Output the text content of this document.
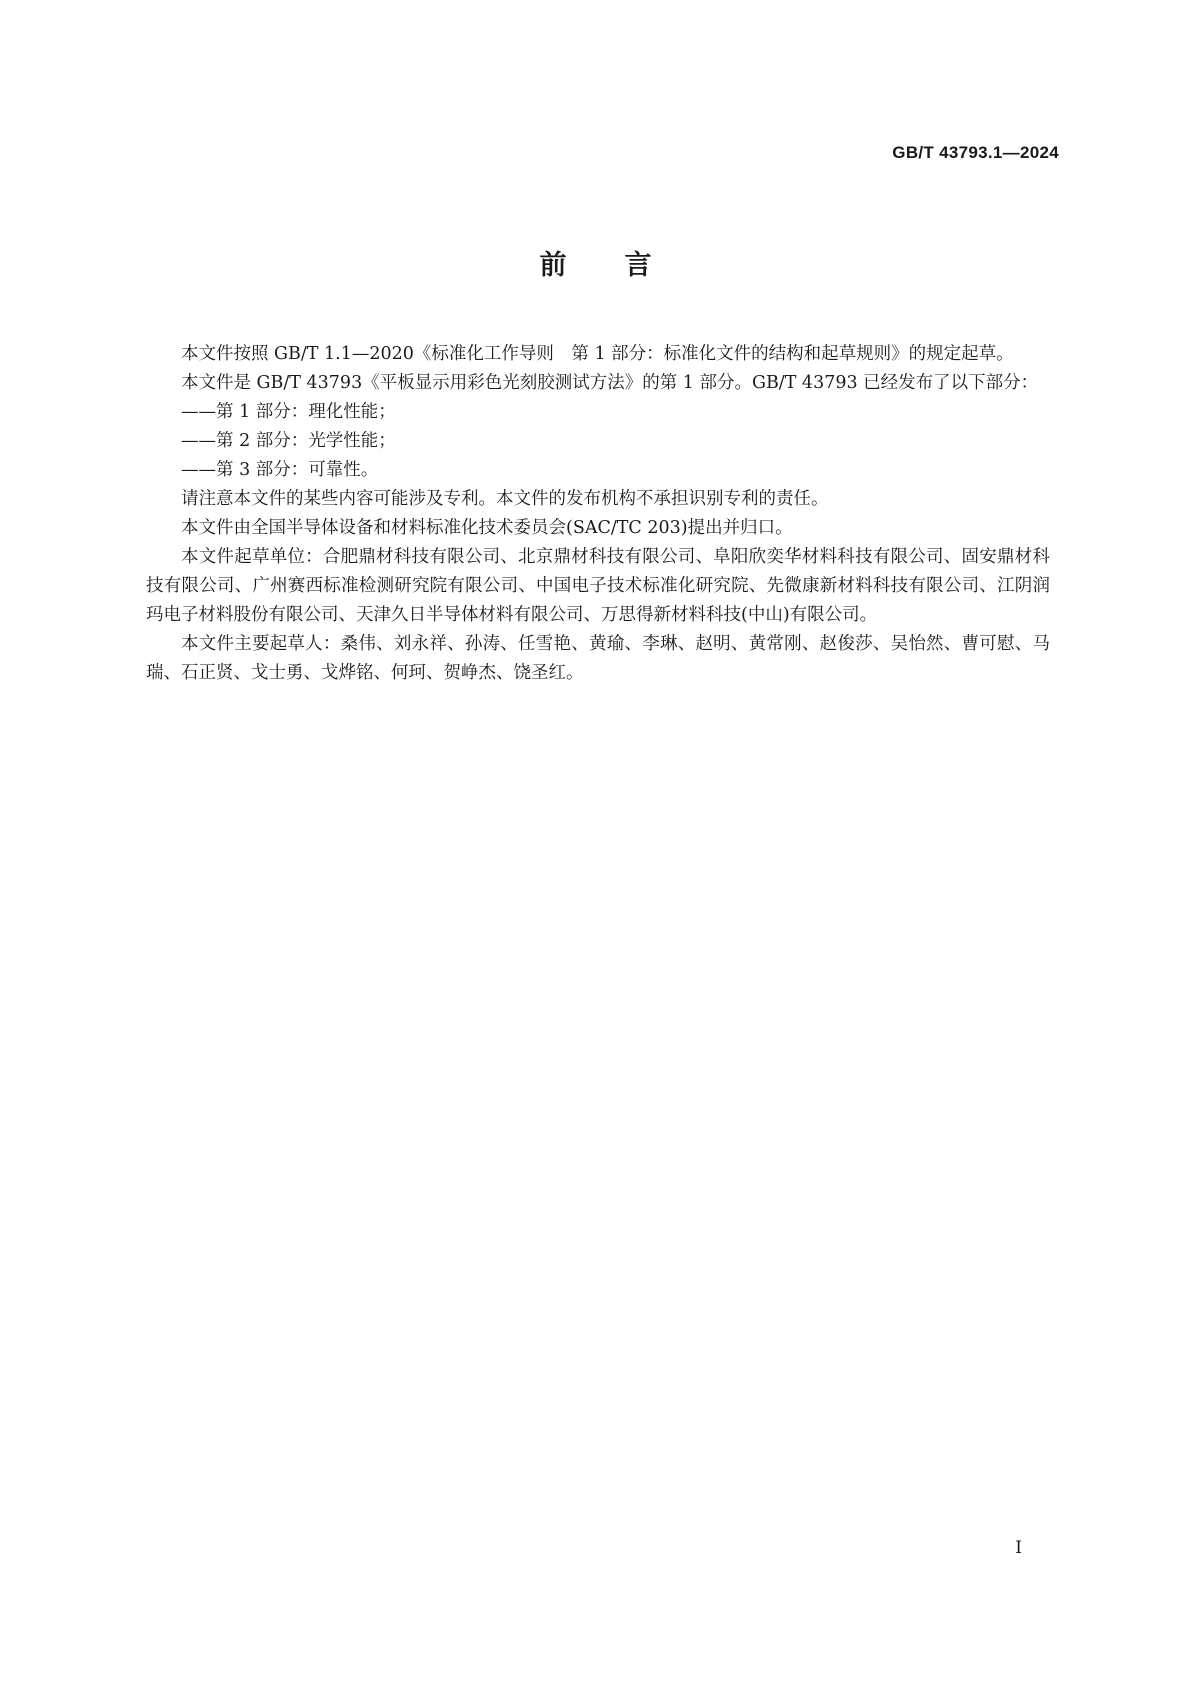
GB/T 43793.1—2024
前言

本文件按照 GB/T 1.1—2020《标准化工作导则　第 1 部分：标准化文件的结构和起草规则》的规定起草。

本文件是 GB/T 43793《平板显示用彩色光刻胶测试方法》的第 1 部分。GB/T 43793 已经发布了以下部分：

——第 1 部分：理化性能；

——第 2 部分：光学性能；

——第 3 部分：可靠性。

请注意本文件的某些内容可能涉及专利。本文件的发布机构不承担识别专利的责任。

本文件由全国半导体设备和材料标准化技术委员会(SAC/TC 203)提出并归口。

本文件起草单位：合肥鼎材科技有限公司、北京鼎材科技有限公司、阜阳欣奕华材料科技有限公司、固安鼎材科技有限公司、广州赛西标准检测研究院有限公司、中国电子技术标准化研究院、先微康新材料科技有限公司、江阴润玛电子材料股份有限公司、天津久日半导体材料有限公司、万思得新材料科技(中山)有限公司。

本文件主要起草人：桑伟、刘永祥、孙涛、任雪艳、黄瑜、李琳、赵明、黄常刚、赵俊莎、吴怡然、曹可慰、马瑞、石正贤、戈士勇、戈烨铭、何珂、贺峥杰、饶圣红。

I
